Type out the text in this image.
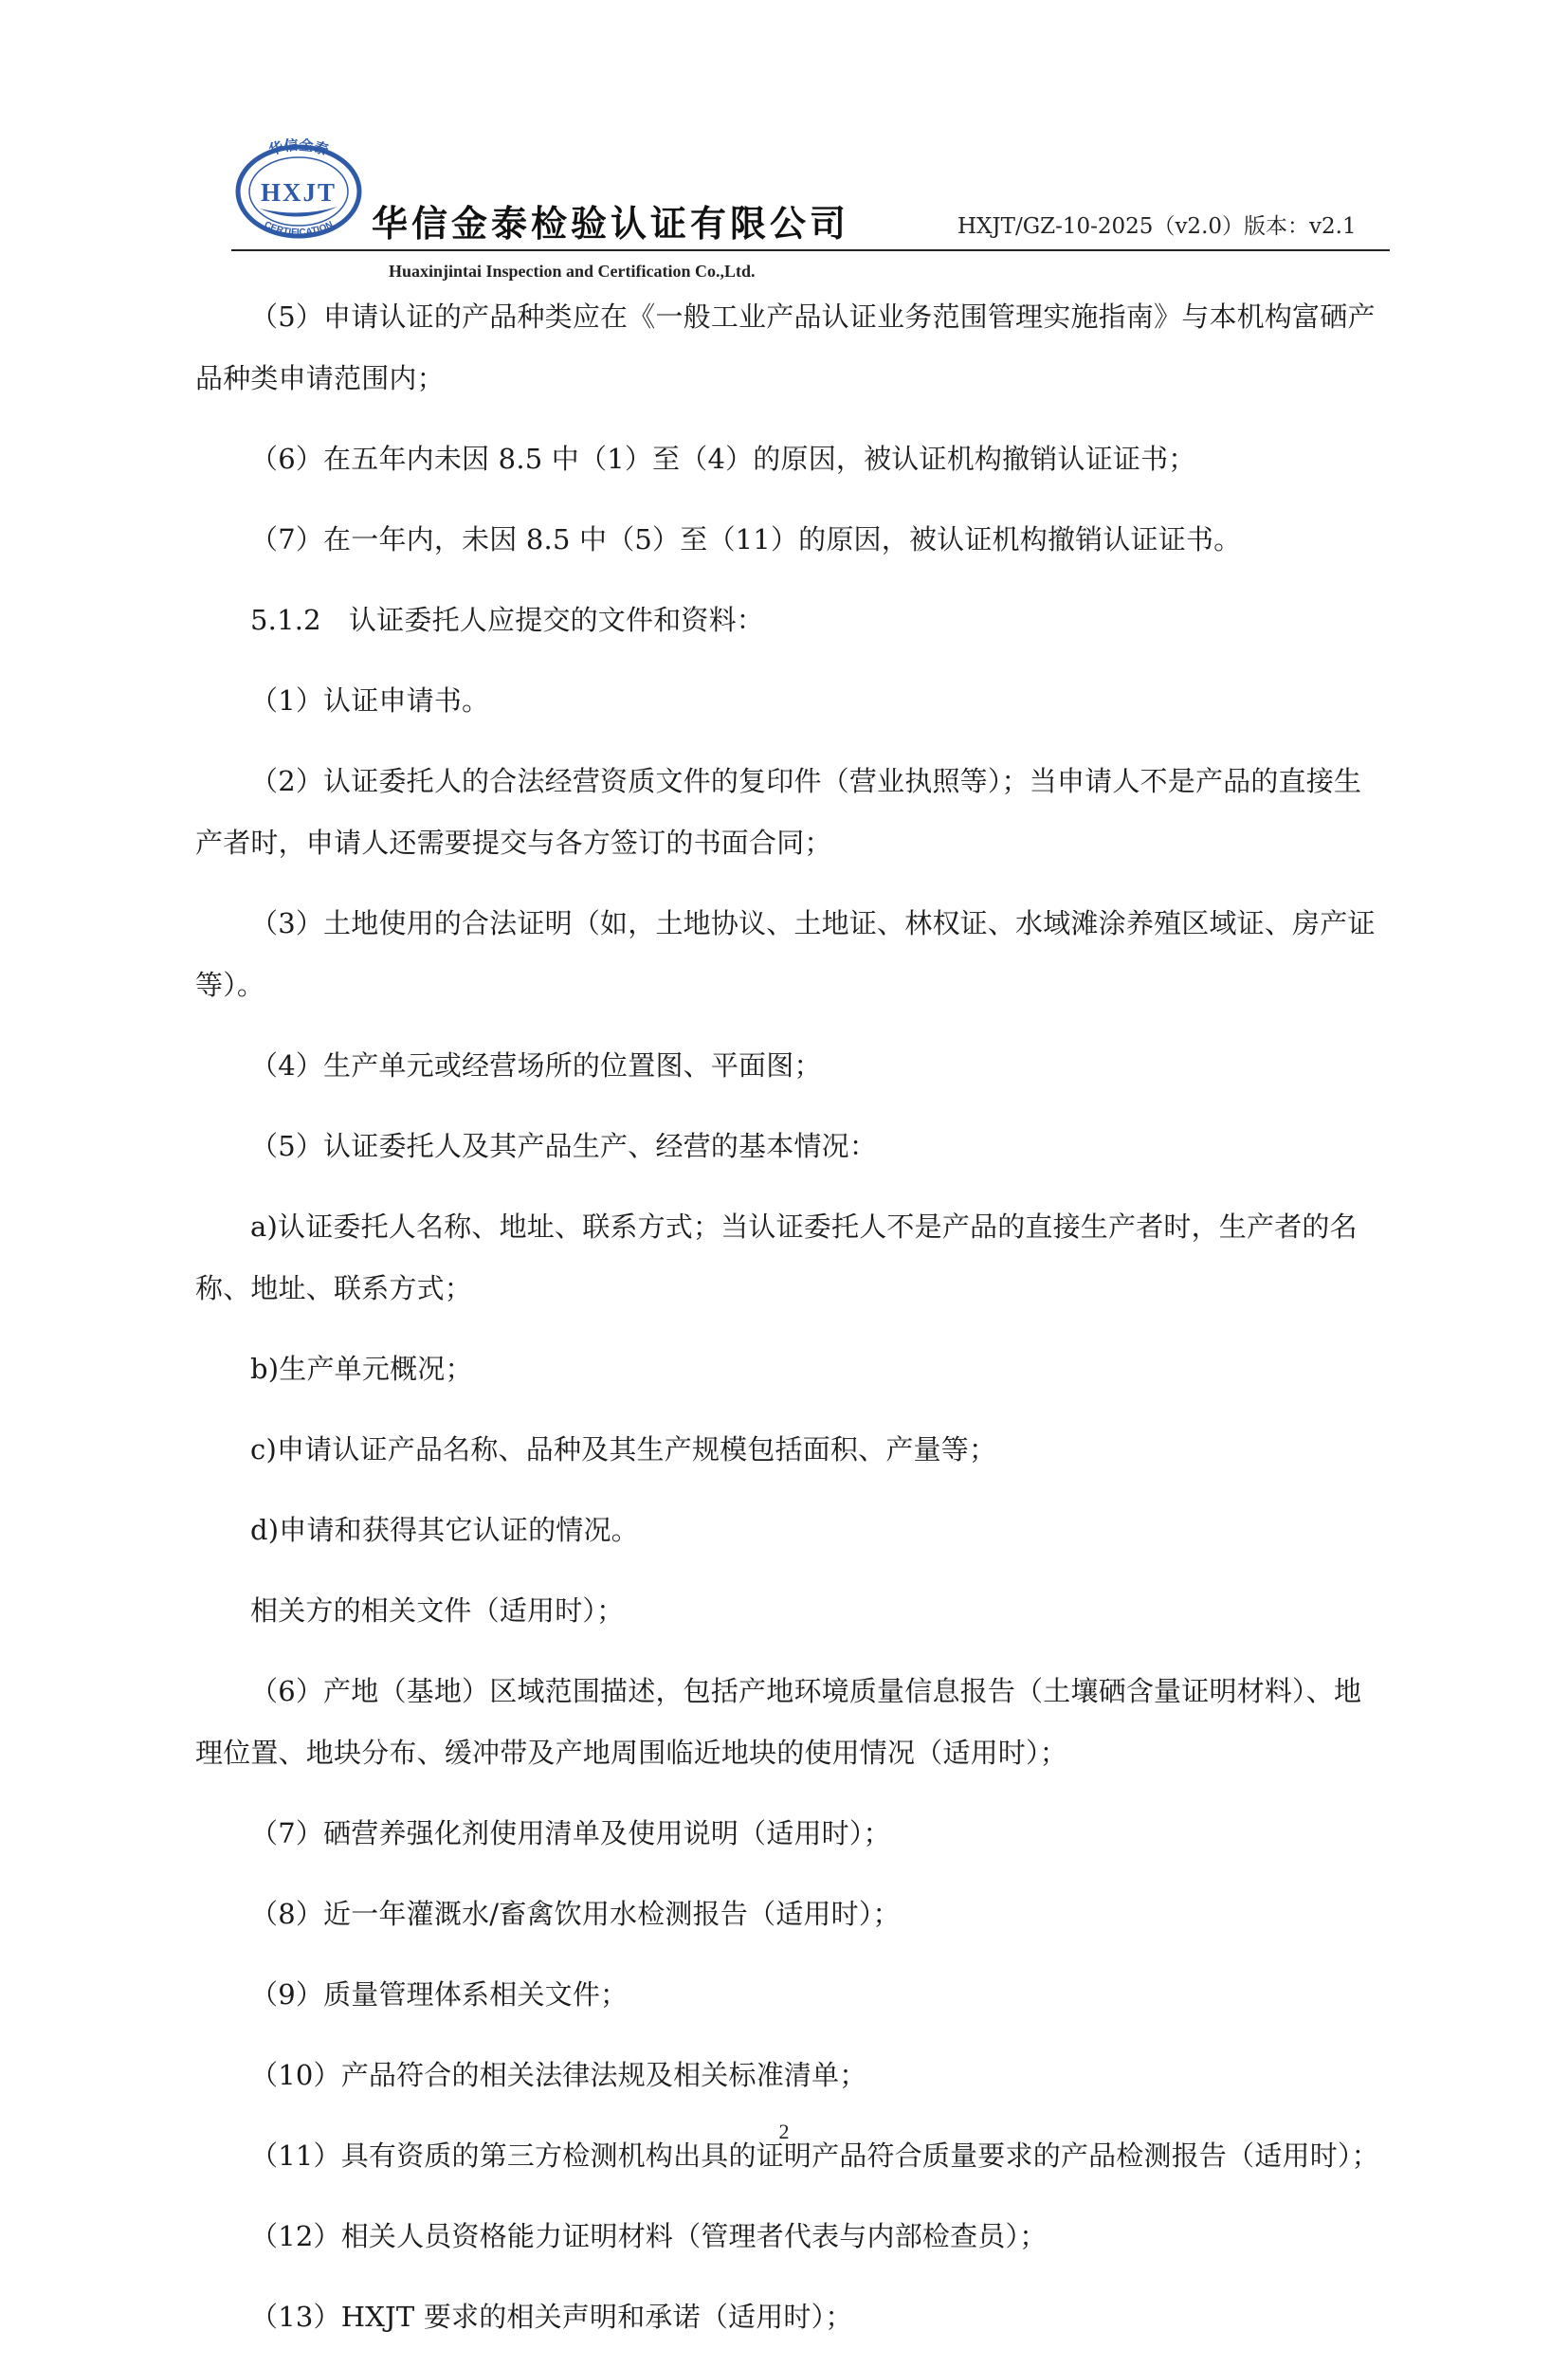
华信金泰
CERTIFICATION
HXJT
华信金泰检验认证有限公司	HXJT/GZ-10-2025（v2.0）版本：v2.1
Huaxinjintai Inspection and Certification Co.,Ltd.

（5）申请认证的产品种类应在《一般工业产品认证业务范围管理实施指南》与本机构富硒产品种类申请范围内；

（6）在五年内未因 8.5 中（1）至（4）的原因，被认证机构撤销认证证书；

（7）在一年内，未因 8.5 中（5）至（11）的原因，被认证机构撤销认证证书。

5.1.2　认证委托人应提交的文件和资料：

（1）认证申请书。

（2）认证委托人的合法经营资质文件的复印件（营业执照等）；当申请人不是产品的直接生产者时，申请人还需要提交与各方签订的书面合同；

（3）土地使用的合法证明（如，土地协议、土地证、林权证、水域滩涂养殖区域证、房产证等）。

（4）生产单元或经营场所的位置图、平面图；

（5）认证委托人及其产品生产、经营的基本情况：

a)认证委托人名称、地址、联系方式；当认证委托人不是产品的直接生产者时，生产者的名称、地址、联系方式；

b)生产单元概况；

c)申请认证产品名称、品种及其生产规模包括面积、产量等；

d)申请和获得其它认证的情况。

相关方的相关文件（适用时）；

（6）产地（基地）区域范围描述，包括产地环境质量信息报告（土壤硒含量证明材料）、地理位置、地块分布、缓冲带及产地周围临近地块的使用情况（适用时）；

（7）硒营养强化剂使用清单及使用说明（适用时）；

（8）近一年灌溉水/畜禽饮用水检测报告（适用时）；

（9）质量管理体系相关文件；

（10）产品符合的相关法律法规及相关标准清单；

（11）具有资质的第三方检测机构出具的证明产品符合质量要求的产品检测报告（适用时）；

（12）相关人员资格能力证明材料（管理者代表与内部检查员）；

（13）HXJT 要求的相关声明和承诺（适用时）；

2
